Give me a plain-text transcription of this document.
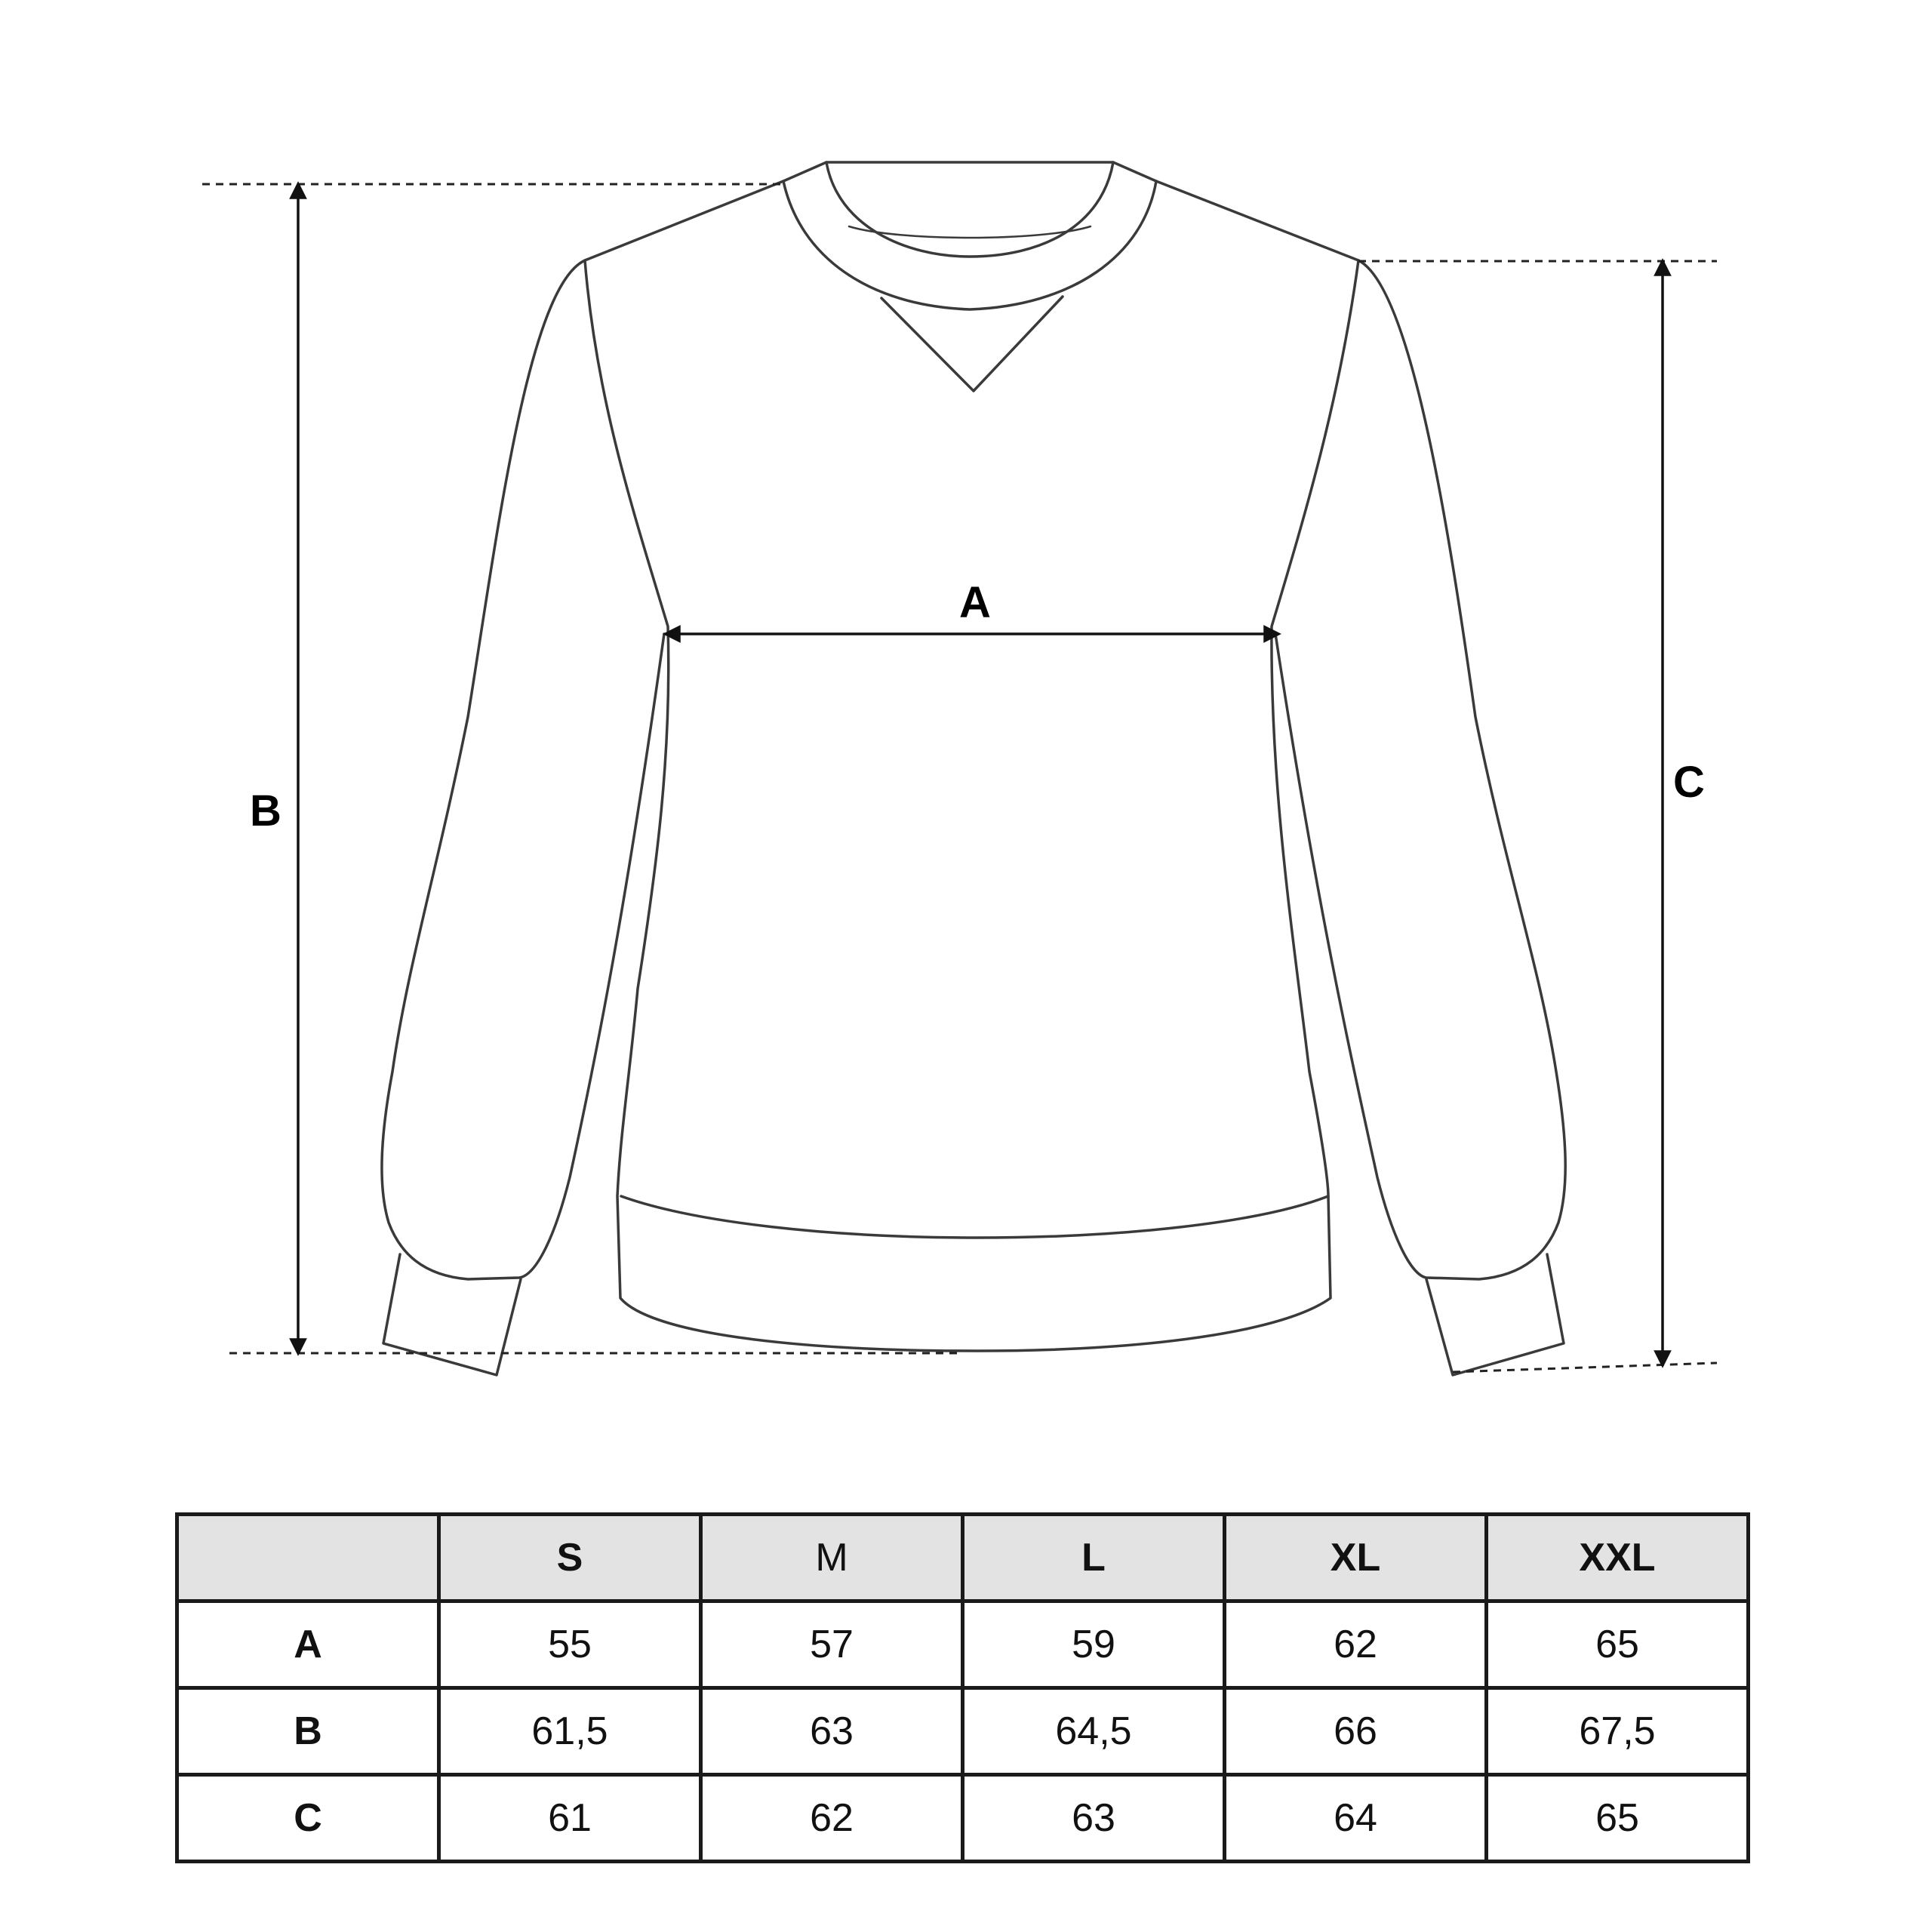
A
B
C
	S	M	L	XL	XXL
A	55	57	59	62	65
B	61,5	63	64,5	66	67,5
C	61	62	63	64	65
